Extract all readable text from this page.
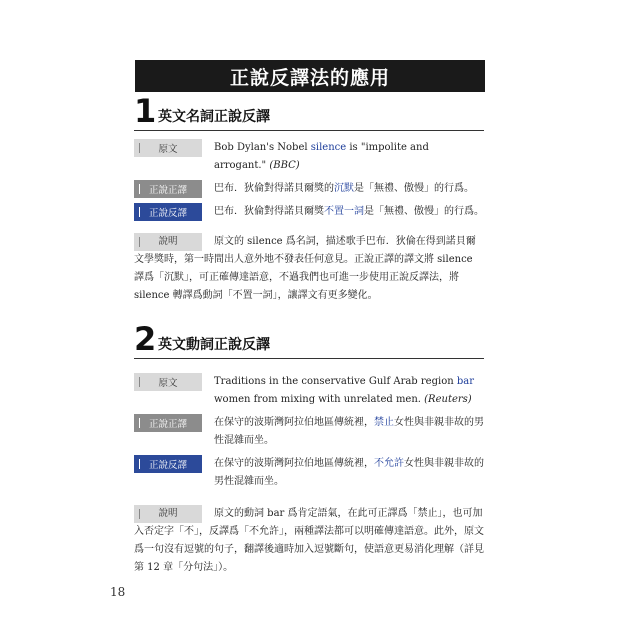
正說反譯法的應用
1 英文名詞正說反譯
原文	Bob Dylan's Nobel silence is "impolite and arrogant." (BBC)
正說正譯	巴布．狄倫對得諾貝爾獎的沉默是「無禮、傲慢」的行爲。
正說反譯	巴布．狄倫對得諾貝爾獎不置一詞是「無禮、傲慢」的行爲。
說明	原文的 silence 爲名詞，描述歌手巴布．狄倫在得到諾貝爾文學獎時，第一時間出人意外地不發表任何意見。正說正譯的譯文將 silence 譯爲「沉默」，可正確傳達語意，不過我們也可進一步使用正說反譯法，將 silence 轉譯爲動詞「不置一詞」，讓譯文有更多變化。
2 英文動詞正說反譯
原文	Traditions in the conservative Gulf Arab region bar women from mixing with unrelated men. (Reuters)
正說正譯	在保守的波斯灣阿拉伯地區傳統裡，禁止女性與非親非故的男性混雜而坐。
正說反譯	在保守的波斯灣阿拉伯地區傳統裡，不允許女性與非親非故的男性混雜而坐。
說明	原文的動詞 bar 爲肯定語氣，在此可正譯爲「禁止」，也可加入否定字「不」，反譯爲「不允許」，兩種譯法都可以明確傳達語意。此外，原文爲一句沒有逗號的句子，翻譯後適時加入逗號斷句，使語意更易消化理解（詳見第 12 章「分句法」）。
18
